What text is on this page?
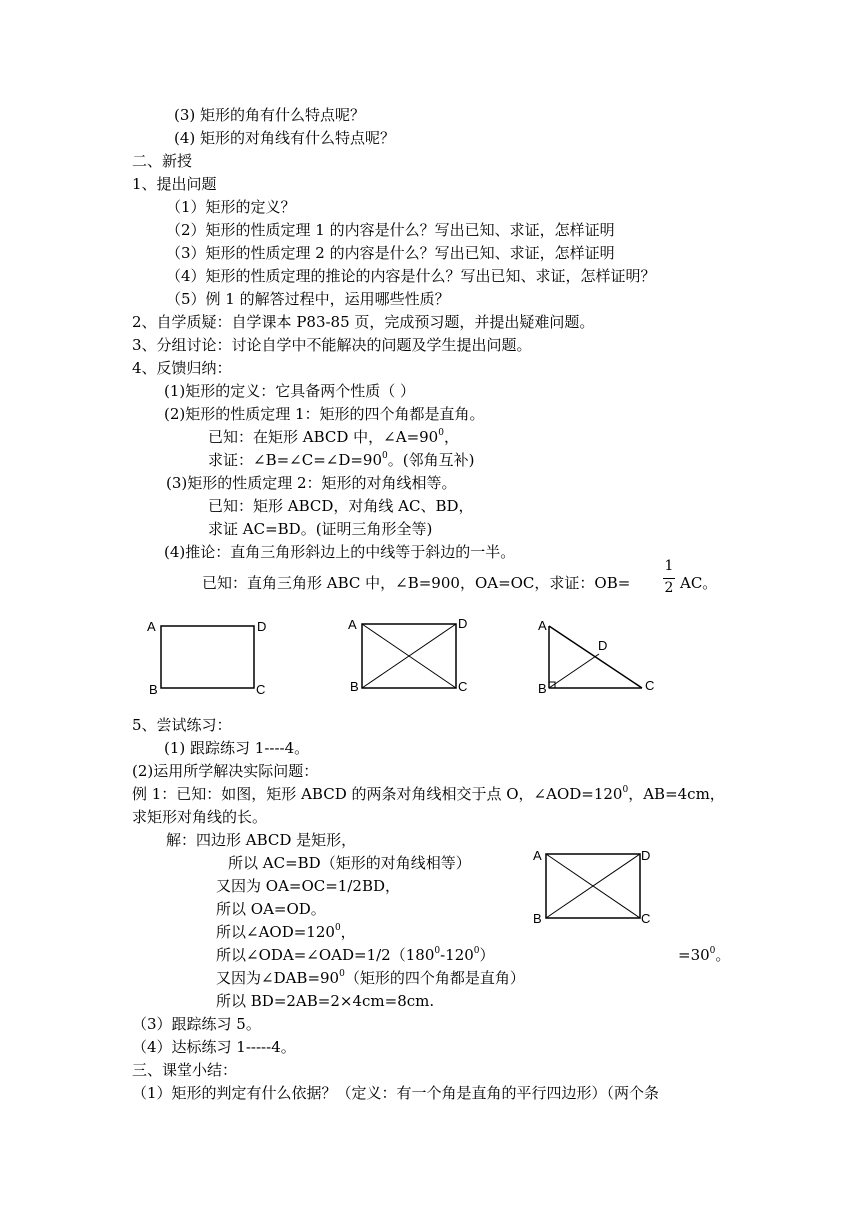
(3) 矩形的角有什么特点呢？
(4) 矩形的对角线有什么特点呢？
二、新授
1、提出问题
（1）矩形的定义？
（2）矩形的性质定理 1 的内容是什么？写出已知、求证，怎样证明
（3）矩形的性质定理 2 的内容是什么？写出已知、求证，怎样证明
（4）矩形的性质定理的推论的内容是什么？写出已知、求证，怎样证明？
（5）例 1 的解答过程中，运用哪些性质？
2、自学质疑：自学课本 P83-85 页，完成预习题，并提出疑难问题。
3、分组讨论：讨论自学中不能解决的问题及学生提出问题。
4、反馈归纳：
(1)矩形的定义：它具备两个性质（ ）
(2)矩形的性质定理 1：矩形的四个角都是直角。
已知：在矩形 ABCD 中，$\angle A=90^0$，
求证：$\angle B=\angle C=\angle D=90^0$。(邻角互补)
(3)矩形的性质定理 2：矩形的对角线相等。
已知：矩形 ABCD，对角线 AC、BD，
求证 AC=BD。(证明三角形全等)
(4)推论：直角三角形斜边上的中线等于斜边的一半。
已知：直角三角形 ABC 中，∠B=900，OA=OC，求证：OB=
1
2 AC。
A	D
B	C
A	D
B	C
A
D
B	C
5、尝试练习：
(1) 跟踪练习 1----4。
(2)运用所学解决实际问题：
例 1：已知：如图，矩形 ABCD 的两条对角线相交于点 O，$\angle AOD=120^0$，AB=4cm，
求矩形对角线的长。
解：四边形 ABCD 是矩形，
所以 AC=BD（矩形的对角线相等）
又因为 OA=OC=1/2BD，
所以 OA=OD。
所以$\angle AOD=120^0$，
所以$\angle ODA=\angle OAD=1/2(180^0-120^0)$	$=30^0$。
又因为$\angle DAB=90^0$（矩形的四个角都是直角）
所以 BD=2AB=2×4cm=8cm.
A	D
B	C
（3）跟踪练习 5。
（4）达标练习 1-----4。
三、课堂小结：
（1）矩形的判定有什么依据？（定义：有一个角是直角的平行四边形）（两个条
